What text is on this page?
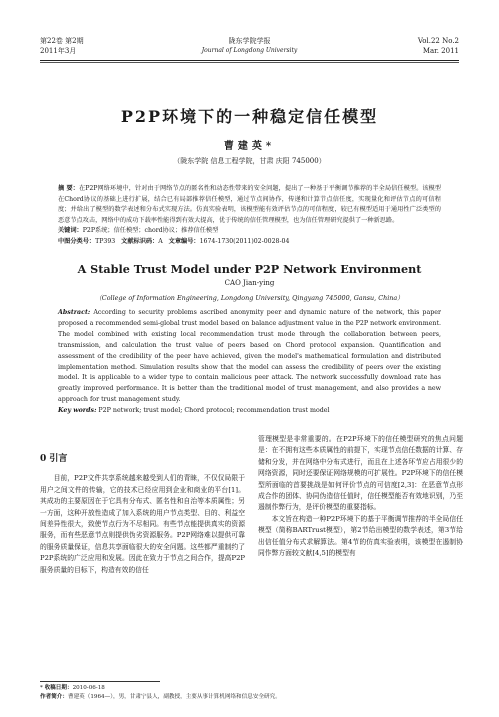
第22卷 第2期
2011年3月
陇东学院学报
Journal of Longdong University
Vol.22 No.2
Mar. 2011
P2P环境下的一种稳定信任模型
曹建英*
（陇东学院 信息工程学院，甘肃 庆阳 745000）
摘 要：在P2P网络环境中，针对由于网络节点的匿名性和动态性带来的安全问题，提出了一种基于平衡调节推荐的半全局信任模型。该模型在Chord协议的基础上进行扩展，结合已有局部推荐信任模型，通过节点间协作，传递和计算节点信任度，实现量化和评估节点的可信程度；并给出了模型的数学表述和分布式实现方法。仿真实验表明，该模型能有效评估节点的可信程度，较已有模型适用于通用性广泛类型的恶意节点攻击，网络中的成功下载率性能得到有效大提高，优于传统的信任管理模型，也为信任管理研究提供了一种新思路。
关键词：P2P系统；信任模型；chord协议；推荐信任模型
中图分类号：TP393 文献标识码：A 文章编号：1674-1730(2011)02-0028-04
A Stable Trust Model under P2P Network Environment
CAO Jian-ying
（College of Information Engineering, Longdong University, Qingyang 745000, Gansu, China）
Abstract: According to security problems ascribed anonymity peer and dynamic nature of the network, this paper proposed a recommended semi-global trust model based on balance adjustment value in the P2P network environment. The model combined with existing local recommendation trust mode through the collaboration between peers, transmission, and calculation the trust value of peers based on Chord protocol expansion. Quantification and assessment of the credibility of the peer have achieved, given the model's mathematical formulation and distributed implementation method. Simulation results show that the model can assess the credibility of peers over the existing model. It is applicable to a wider type to contain malicious peer attack. The network successfully download rate has greatly improved performance. It is better than the traditional model of trust management, and also provides a new approach for trust management study.
Key words: P2P network; trust model; Chord protocol; recommendation trust model
0 引言

目前，P2P文件共享系统越来越受到人们的青睐，不仅仅局限于用户之间文件的传输，它的技术已经应用到企业和商业的平台[1]。其成功的主要原因在于它具有分布式、匿名性和自治等本质属性；另一方面，这种开放性造成了加入系统的用户节点类型、目的、利益空间差异性很大，致使节点行为不尽相同。有些节点能提供真实的资源服务，而有些恶意节点则提供伪劣资源服务。P2P网络难以提供可靠的服务质量保证，信息共享面临很大的安全问题。这些都严重制约了P2P系统的广泛应用和发展。因此在致力于节点之间合作，提高P2P服务质量的目标下，构造有效的信任

管理模型是非常重要的。在P2P环境下的信任模型研究的焦点问题是：在不拥有这些本质属性的前提下，实现节点信任数据的计算、存储和分发，并在网络中分布式进行，而且在上述各环节应占用很少的网络资源，同时还要保证网络规模的可扩展性。P2P环境下的信任模型所面临的首要挑战是如何评价节点的可信度[2,3]：在恶意节点形成合作的团体、协同伪造信任值时，信任模型能否有效地识别，乃至遏制作弊行为，是评价模型的重要指标。

本文旨在构造一种P2P环境下的基于平衡调节推荐的半全局信任模型（简称BARTrust模型），第2节给出模型的数学表述，第3节给出信任值分布式求解算法。第4节的仿真实验表明，该模型在遏制协同作弊方面较文献[4,5]的模型有

* 收稿日期：2010-06-18
作者简介：曹建英（1964—），男，甘肃宁县人，副教授，主要从事计算机网络和信息安全研究。
